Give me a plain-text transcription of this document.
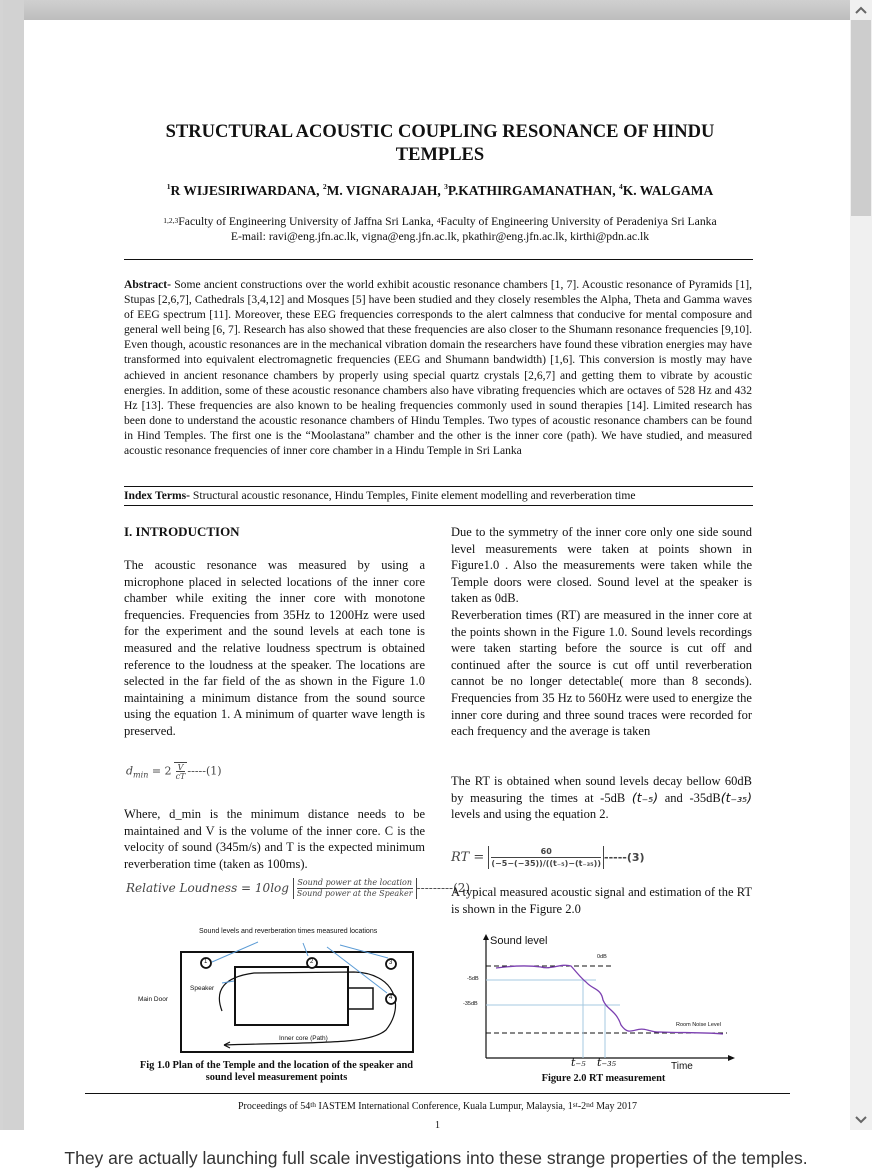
STRUCTURAL ACOUSTIC COUPLING RESONANCE OF HINDU
TEMPLES
$^1$R WIJESIRIWARDANA, $^2$M. VIGNARAJAH, $^3$P.KATHIRGAMANATHAN, $^4$K. WALGAMA
$^{1,2,3}$Faculty of Engineering University of Jaffna Sri Lanka, $^4$Faculty of Engineering University of Peradeniya Sri Lanka
E-mail: ravi@eng.jfn.ac.lk, vigna@eng.jfn.ac.lk, pkathir@eng.jfn.ac.lk, kirthi@pdn.ac.lk
Abstract- Some ancient constructions over the world exhibit acoustic resonance chambers [1, 7]. Acoustic resonance of Pyramids [1], Stupas [2,6,7], Cathedrals [3,4,12] and Mosques [5] have been studied and they closely resembles the Alpha, Theta and Gamma waves of EEG spectrum [11]. Moreover, these EEG frequencies corresponds to the alert calmness that conducive for mental composure and general well being [6, 7]. Research has also showed that these frequencies are also closer to the Shumann resonance frequencies [9,10]. Even though, acoustic resonances are in the mechanical vibration domain the researchers have found these vibration energies may have transformed into equivalent electromagnetic frequencies (EEG and Shumann bandwidth) [1,6]. This conversion is mostly may have achieved in ancient resonance chambers by properly using special quartz crystals [2,6,7] and getting them to vibrate by acoustic energies. In addition, some of these acoustic resonance chambers also have vibrating frequencies which are octaves of 528 Hz and 432 Hz [13]. These frequencies are also known to be healing frequencies commonly used in sound therapies [14]. Limited research has been done to understand the acoustic resonance chambers of Hindu Temples. Two types of acoustic resonance chambers can be found in Hind Temples. The first one is the “Moolastana” chamber and the other is the inner core (path). We have studied, and measured acoustic resonance frequencies of inner core chamber in a Hindu Temple in Sri Lanka
Index Terms- Structural acoustic resonance, Hindu Temples, Finite element modelling and reverberation time
I. INTRODUCTION
The acoustic resonance was measured by using a microphone placed in selected locations of the inner core chamber while exiting the inner core with monotone frequencies. Frequencies from 35Hz to 1200Hz were used for the experiment and the sound levels at each tone is measured and the relative loudness spectrum is obtained reference to the loudness at the speaker. The locations are selected in the far field of the as shown in the Figure 1.0 maintaining a minimum distance from the sound source using the equation 1. A minimum of quarter wave length is preserved.
$d_{min} = 2 \frac{V}{cT}-----(1)$
Where, d_min is the minimum distance needs to be maintained and V is the volume of the inner core. C is the velocity of sound (345m/s) and T is the expected minimum reverberation time (taken as 100ms).
Relative Loudness = 10log Sound power at the location
Sound power at the Speaker ---------(2)
Sound levels and reverberation times measured locations
1	2	3
4
Speaker
Main Door
Inner core (Path)
Fig 1.0 Plan of the Temple and the location of the speaker and
sound level measurement points
Due to the symmetry of the inner core only one side sound level measurements were taken at points shown in Figure1.0 . Also the measurements were taken while the Temple doors were closed. Sound level at the speaker is taken as 0dB.
Reverberation times (RT) are measured in the inner core at the points shown in the Figure 1.0. Sound levels recordings were taken starting before the source is cut off and continued after the source is cut off until reverberation cannot be no longer detectable( more than 8 seconds). Frequencies from 35 Hz to 560Hz were used to energize the inner core during and three sound traces were recorded for each frequency and the average is taken
The RT is obtained when sound levels decay bellow 60dB by measuring the times at -5dB (t₋₅) and -35dB(t₋₃₅) levels and using the equation 2.
RT = $\frac{60}{\text{(−5−(−35))/((t₋₅)−(t₋₃₅))}}-----(3)$
A typical measured acoustic signal and estimation of the RT is shown in the Figure 2.0
Sound level
0dB
-5dB
-35dB
Room Noise Level
t₋₅ t₋₃₅	Time
Figure 2.0 RT measurement
Proceedings of 54th IASTEM International Conference, Kuala Lumpur, Malaysia, 1st-2nd May 2017
1
They are actually launching full scale investigations into these strange properties of the temples.
